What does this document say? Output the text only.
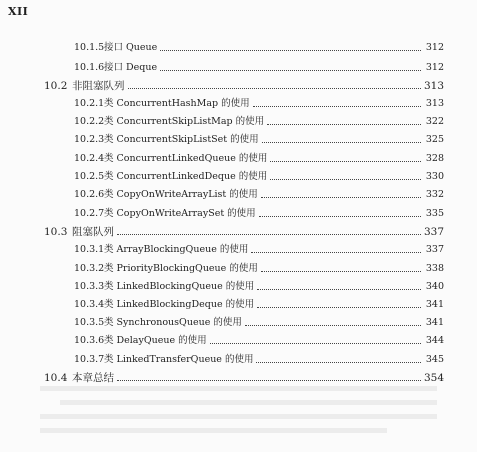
XII
10.1.5 接口 Queue	312
10.1.6 接口 Deque	312
10.2 非阻塞队列	313
10.2.1 类 ConcurrentHashMap 的使用	313
10.2.2 类 ConcurrentSkipListMap 的使用	322
10.2.3 类 ConcurrentSkipListSet 的使用	325
10.2.4 类 ConcurrentLinkedQueue 的使用	328
10.2.5 类 ConcurrentLinkedDeque 的使用	330
10.2.6 类 CopyOnWriteArrayList 的使用	332
10.2.7 类 CopyOnWriteArraySet 的使用	335
10.3 阻塞队列	337
10.3.1 类 ArrayBlockingQueue 的使用	337
10.3.2 类 PriorityBlockingQueue 的使用	338
10.3.3 类 LinkedBlockingQueue 的使用	340
10.3.4 类 LinkedBlockingDeque 的使用	341
10.3.5 类 SynchronousQueue 的使用	341
10.3.6 类 DelayQueue 的使用	344
10.3.7 类 LinkedTransferQueue 的使用	345
10.4 本章总结	354
